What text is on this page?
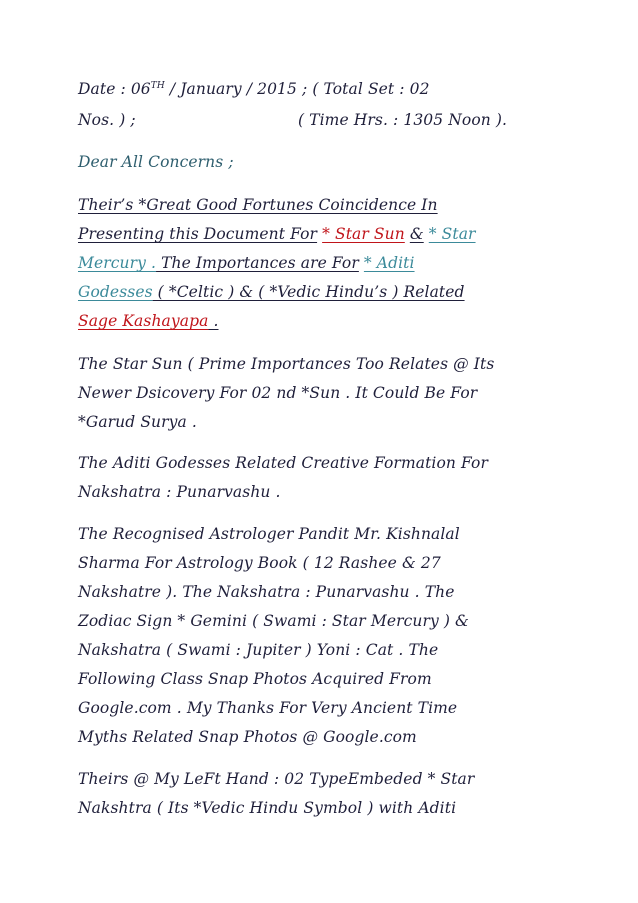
Date : 06TH / January / 2015 ; ( Total Set : 02
Nos. ) ;	( Time Hrs. : 1305 Noon ).
Dear All Concerns ;
Their’s *Great Good Fortunes Coincidence In
Presenting this Document For * Star Sun & * Star
Mercury . The Importances are For * Aditi
Godesses ( *Celtic ) & ( *Vedic Hindu’s ) Related
Sage Kashayapa .
The Star Sun ( Prime Importances Too Relates @ Its
Newer Dsicovery For 02 nd *Sun . It Could Be For
*Garud Surya .
The Aditi Godesses Related Creative Formation For
Nakshatra : Punarvashu .
The Recognised Astrologer Pandit Mr. Kishnalal
Sharma For Astrology Book ( 12 Rashee & 27
Nakshatre ). The Nakshatra : Punarvashu . The
Zodiac Sign * Gemini ( Swami : Star Mercury ) &
Nakshatra ( Swami : Jupiter ) Yoni : Cat . The
Following Class Snap Photos Acquired From
Google.com . My Thanks For Very Ancient Time
Myths Related Snap Photos @ Google.com
Theirs @ My LeFt Hand : 02 TypeEmbeded * Star
Nakshtra ( Its *Vedic Hindu Symbol ) with Aditi
